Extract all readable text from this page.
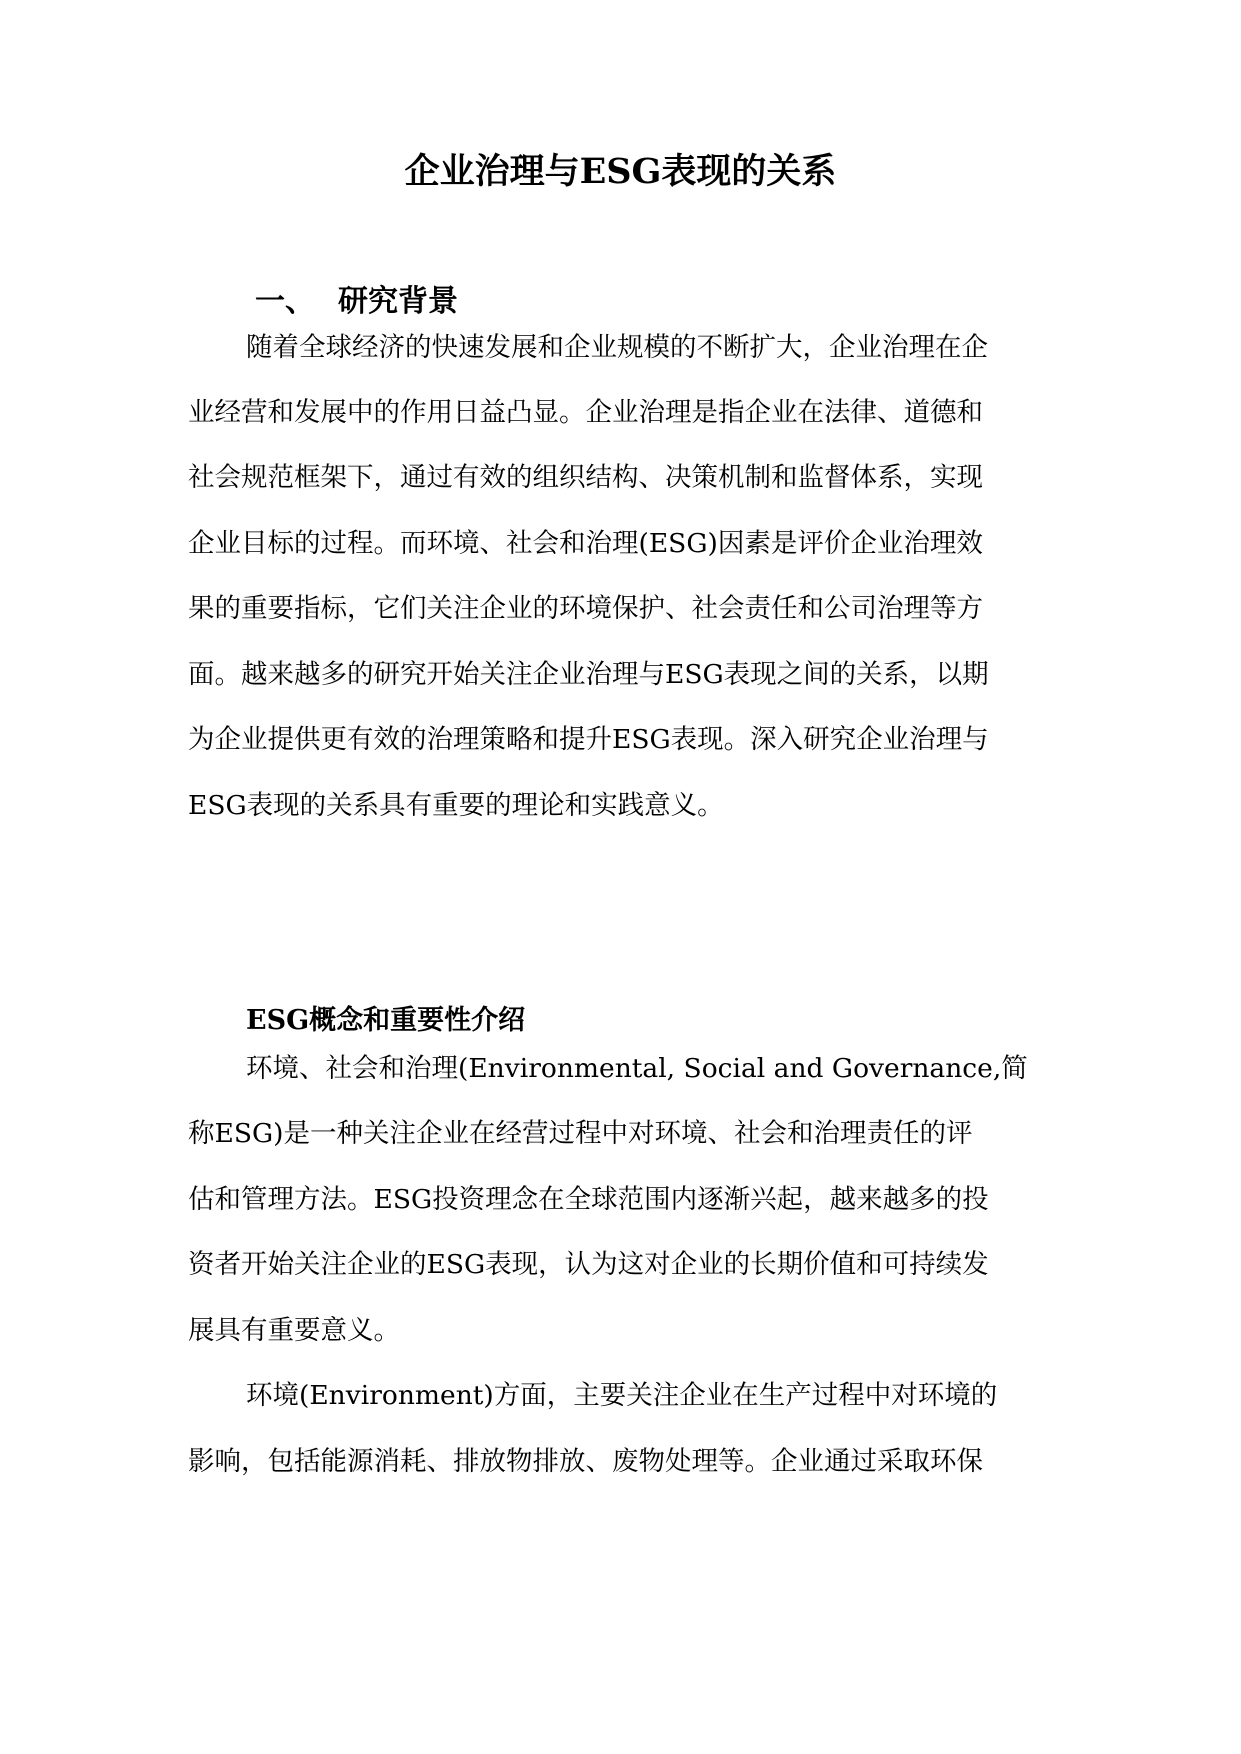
企业治理与ESG表现的关系
一、 研究背景
随着全球经济的快速发展和企业规模的不断扩大，企业治理在企
业经营和发展中的作用日益凸显。企业治理是指企业在法律、道德和
社会规范框架下，通过有效的组织结构、决策机制和监督体系，实现
企业目标的过程。而环境、社会和治理(ESG)因素是评价企业治理效
果的重要指标，它们关注企业的环境保护、社会责任和公司治理等方
面。越来越多的研究开始关注企业治理与ESG表现之间的关系，以期
为企业提供更有效的治理策略和提升ESG表现。深入研究企业治理与
ESG表现的关系具有重要的理论和实践意义。
ESG概念和重要性介绍
环境、社会和治理(Environmental, Social and Governance,简
称ESG)是一种关注企业在经营过程中对环境、社会和治理责任的评
估和管理方法。ESG投资理念在全球范围内逐渐兴起，越来越多的投
资者开始关注企业的ESG表现，认为这对企业的长期价值和可持续发
展具有重要意义。
环境(Environment)方面，主要关注企业在生产过程中对环境的
影响，包括能源消耗、排放物排放、废物处理等。企业通过采取环保
